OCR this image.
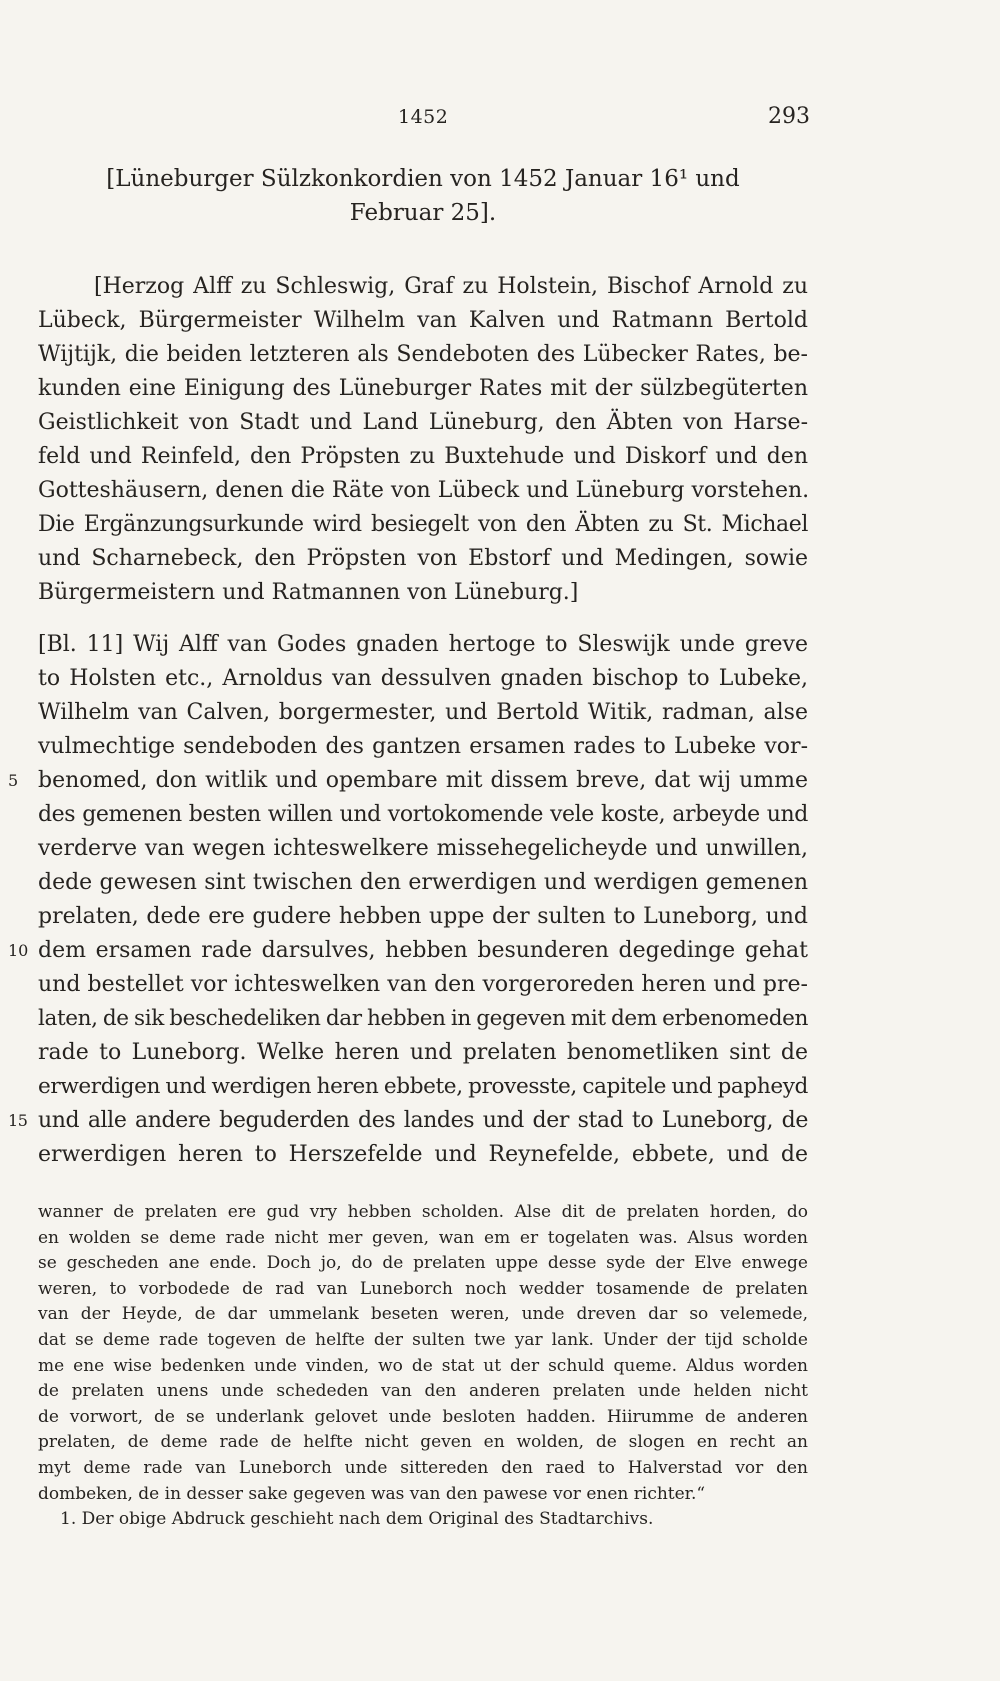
1452	293
[Lüneburger Sülzkonkordien von 1452 Januar 16¹ und
Februar 25].
[Herzog Alff zu Schleswig, Graf zu Holstein, Bischof Arnold zu
Lübeck, Bürgermeister Wilhelm van Kalven und Ratmann Bertold
Wijtijk, die beiden letzteren als Sendeboten des Lübecker Rates, be-
kunden eine Einigung des Lüneburger Rates mit der sülzbegüterten
Geistlichkeit von Stadt und Land Lüneburg, den Äbten von Harse-
feld und Reinfeld, den Pröpsten zu Buxtehude und Diskorf und den
Gotteshäusern, denen die Räte von Lübeck und Lüneburg vorstehen.
Die Ergänzungsurkunde wird besiegelt von den Äbten zu St. Michael
und Scharnebeck, den Pröpsten von Ebstorf und Medingen, sowie
Bürgermeistern und Ratmannen von Lüneburg.]
[Bl. 11] Wij Alff van Godes gnaden hertoge to Sleswijk unde greve
to Holsten etc., Arnoldus van dessulven gnaden bischop to Lubeke,
Wilhelm van Calven, borgermester, und Bertold Witik, radman, alse
vulmechtige sendeboden des gantzen ersamen rades to Lubeke vor-
5 benomed, don witlik und opembare mit dissem breve, dat wij umme
des gemenen besten willen und vortokomende vele koste, arbeyde und
verderve van wegen ichteswelkere missehegelicheyde und unwillen,
dede gewesen sint twischen den erwerdigen und werdigen gemenen
prelaten, dede ere gudere hebben uppe der sulten to Luneborg, und
10 dem ersamen rade darsulves, hebben besunderen degedinge gehat
und bestellet vor ichteswelken van den vorgeroreden heren und pre-
laten, de sik beschedeliken dar hebben in gegeven mit dem erbenomeden
rade to Luneborg. Welke heren und prelaten benometliken sint de
erwerdigen und werdigen heren ebbete, provesste, capitele und papheyd
15 und alle andere beguderden des landes und der stad to Luneborg, de
erwerdigen heren to Herszefelde und Reynefelde, ebbete, und de
wanner de prelaten ere gud vry hebben scholden. Alse dit de prelaten horden, do
en wolden se deme rade nicht mer geven, wan em er togelaten was. Alsus worden
se gescheden ane ende. Doch jo, do de prelaten uppe desse syde der Elve enwege
weren, to vorbodede de rad van Luneborch noch wedder tosamende de prelaten
van der Heyde, de dar ummelank beseten weren, unde dreven dar so velemede,
dat se deme rade togeven de helfte der sulten twe yar lank. Under der tijd scholde
me ene wise bedenken unde vinden, wo de stat ut der schuld queme. Aldus worden
de prelaten unens unde schededen van den anderen prelaten unde helden nicht
de vorwort, de se underlank gelovet unde besloten hadden. Hiirumme de anderen
prelaten, de deme rade de helfte nicht geven en wolden, de slogen en recht an
myt deme rade van Luneborch unde sittereden den raed to Halverstad vor den
dombeken, de in desser sake gegeven was van den pawese vor enen richter.“
1. Der obige Abdruck geschieht nach dem Original des Stadtarchivs.
